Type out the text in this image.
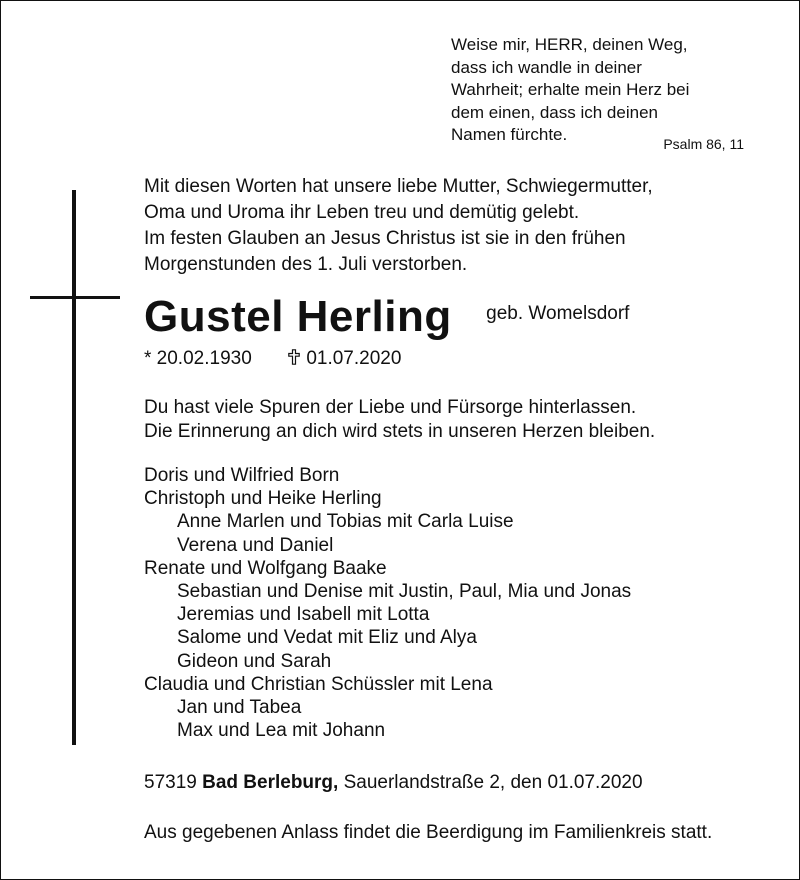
Weise mir, HERR, deinen Weg,
dass ich wandle in deiner
Wahrheit; erhalte mein Herz bei
dem einen, dass ich deinen
Namen fürchte.	Psalm 86, 11
Mit diesen Worten hat unsere liebe Mutter, Schwiegermutter,
Oma und Uroma ihr Leben treu und demütig gelebt.
Im festen Glauben an Jesus Christus ist sie in den frühen
Morgenstunden des 1. Juli verstorben.
Gustel Herling geb. Womelsdorf
* 20.02.1930	01.07.2020
Du hast viele Spuren der Liebe und Fürsorge hinterlassen.
Die Erinnerung an dich wird stets in unseren Herzen bleiben.
Doris und Wilfried Born
Christoph und Heike Herling
Anne Marlen und Tobias mit Carla Luise
Verena und Daniel
Renate und Wolfgang Baake
Sebastian und Denise mit Justin, Paul, Mia und Jonas
Jeremias und Isabell mit Lotta
Salome und Vedat mit Eliz und Alya
Gideon und Sarah
Claudia und Christian Schüssler mit Lena
Jan und Tabea
Max und Lea mit Johann
57319 Bad Berleburg, Sauerlandstraße 2, den 01.07.2020
Aus gegebenen Anlass findet die Beerdigung im Familienkreis statt.
